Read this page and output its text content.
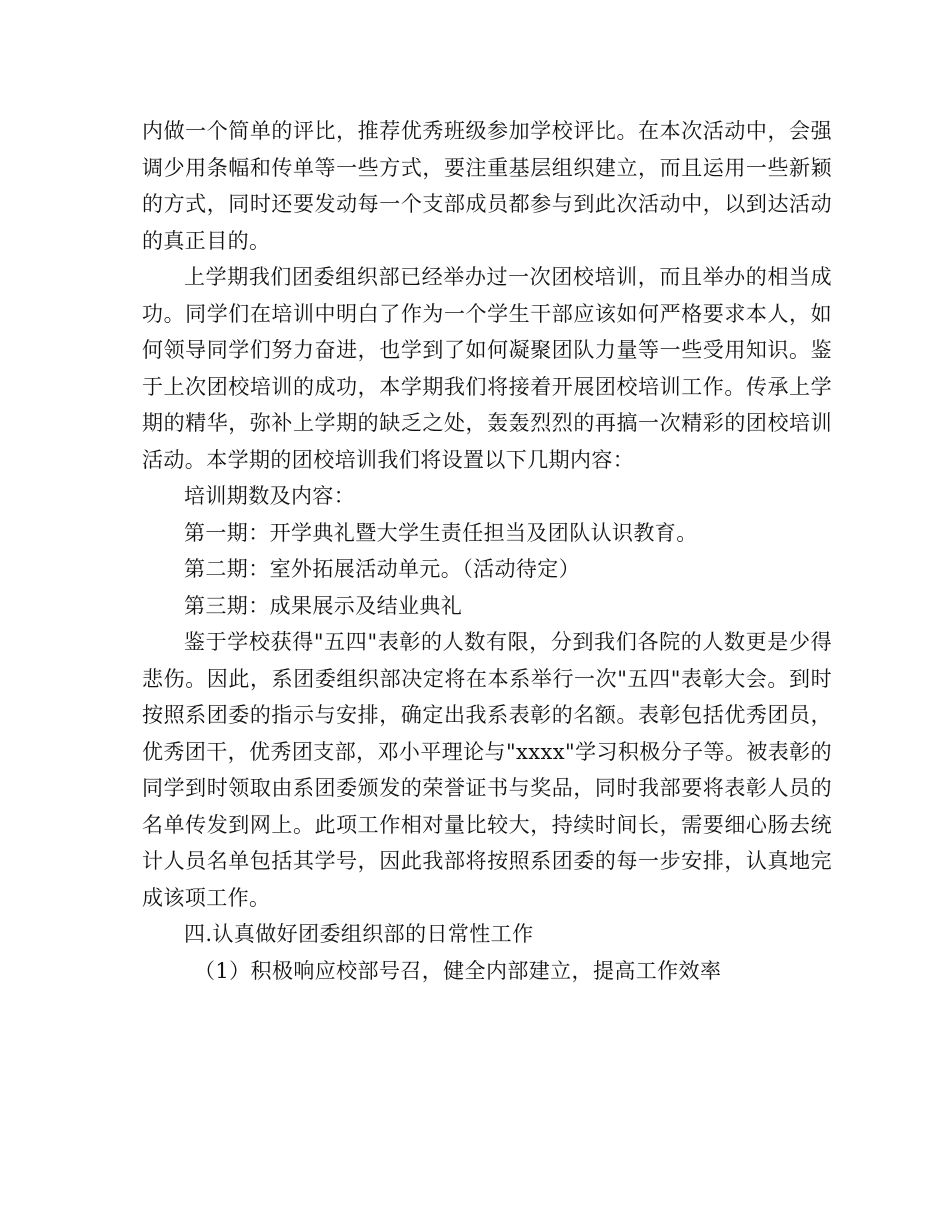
内做一个简单的评比，推荐优秀班级参加学校评比。在本次活动中，会强调少用条幅和传单等一些方式，要注重基层组织建立，而且运用一些新颖的方式，同时还要发动每一个支部成员都参与到此次活动中，以到达活动的真正目的。

上学期我们团委组织部已经举办过一次团校培训，而且举办的相当成功。同学们在培训中明白了作为一个学生干部应该如何严格要求本人，如何领导同学们努力奋进，也学到了如何凝聚团队力量等一些受用知识。鉴于上次团校培训的成功，本学期我们将接着开展团校培训工作。传承上学期的精华，弥补上学期的缺乏之处，轰轰烈烈的再搞一次精彩的团校培训活动。本学期的团校培训我们将设置以下几期内容：

培训期数及内容：

第一期：开学典礼暨大学生责任担当及团队认识教育。

第二期：室外拓展活动单元。（活动待定）

第三期：成果展示及结业典礼

鉴于学校获得"五四"表彰的人数有限，分到我们各院的人数更是少得悲伤。因此，系团委组织部决定将在本系举行一次"五四"表彰大会。到时按照系团委的指示与安排，确定出我系表彰的名额。表彰包括优秀团员，优秀团干，优秀团支部，邓小平理论与"xxxx"学习积极分子等。被表彰的同学到时领取由系团委颁发的荣誉证书与奖品，同时我部要将表彰人员的名单传发到网上。此项工作相对量比较大，持续时间长，需要细心肠去统计人员名单包括其学号，因此我部将按照系团委的每一步安排，认真地完成该项工作。

四.认真做好团委组织部的日常性工作

（1）积极响应校部号召，健全内部建立，提高工作效率
